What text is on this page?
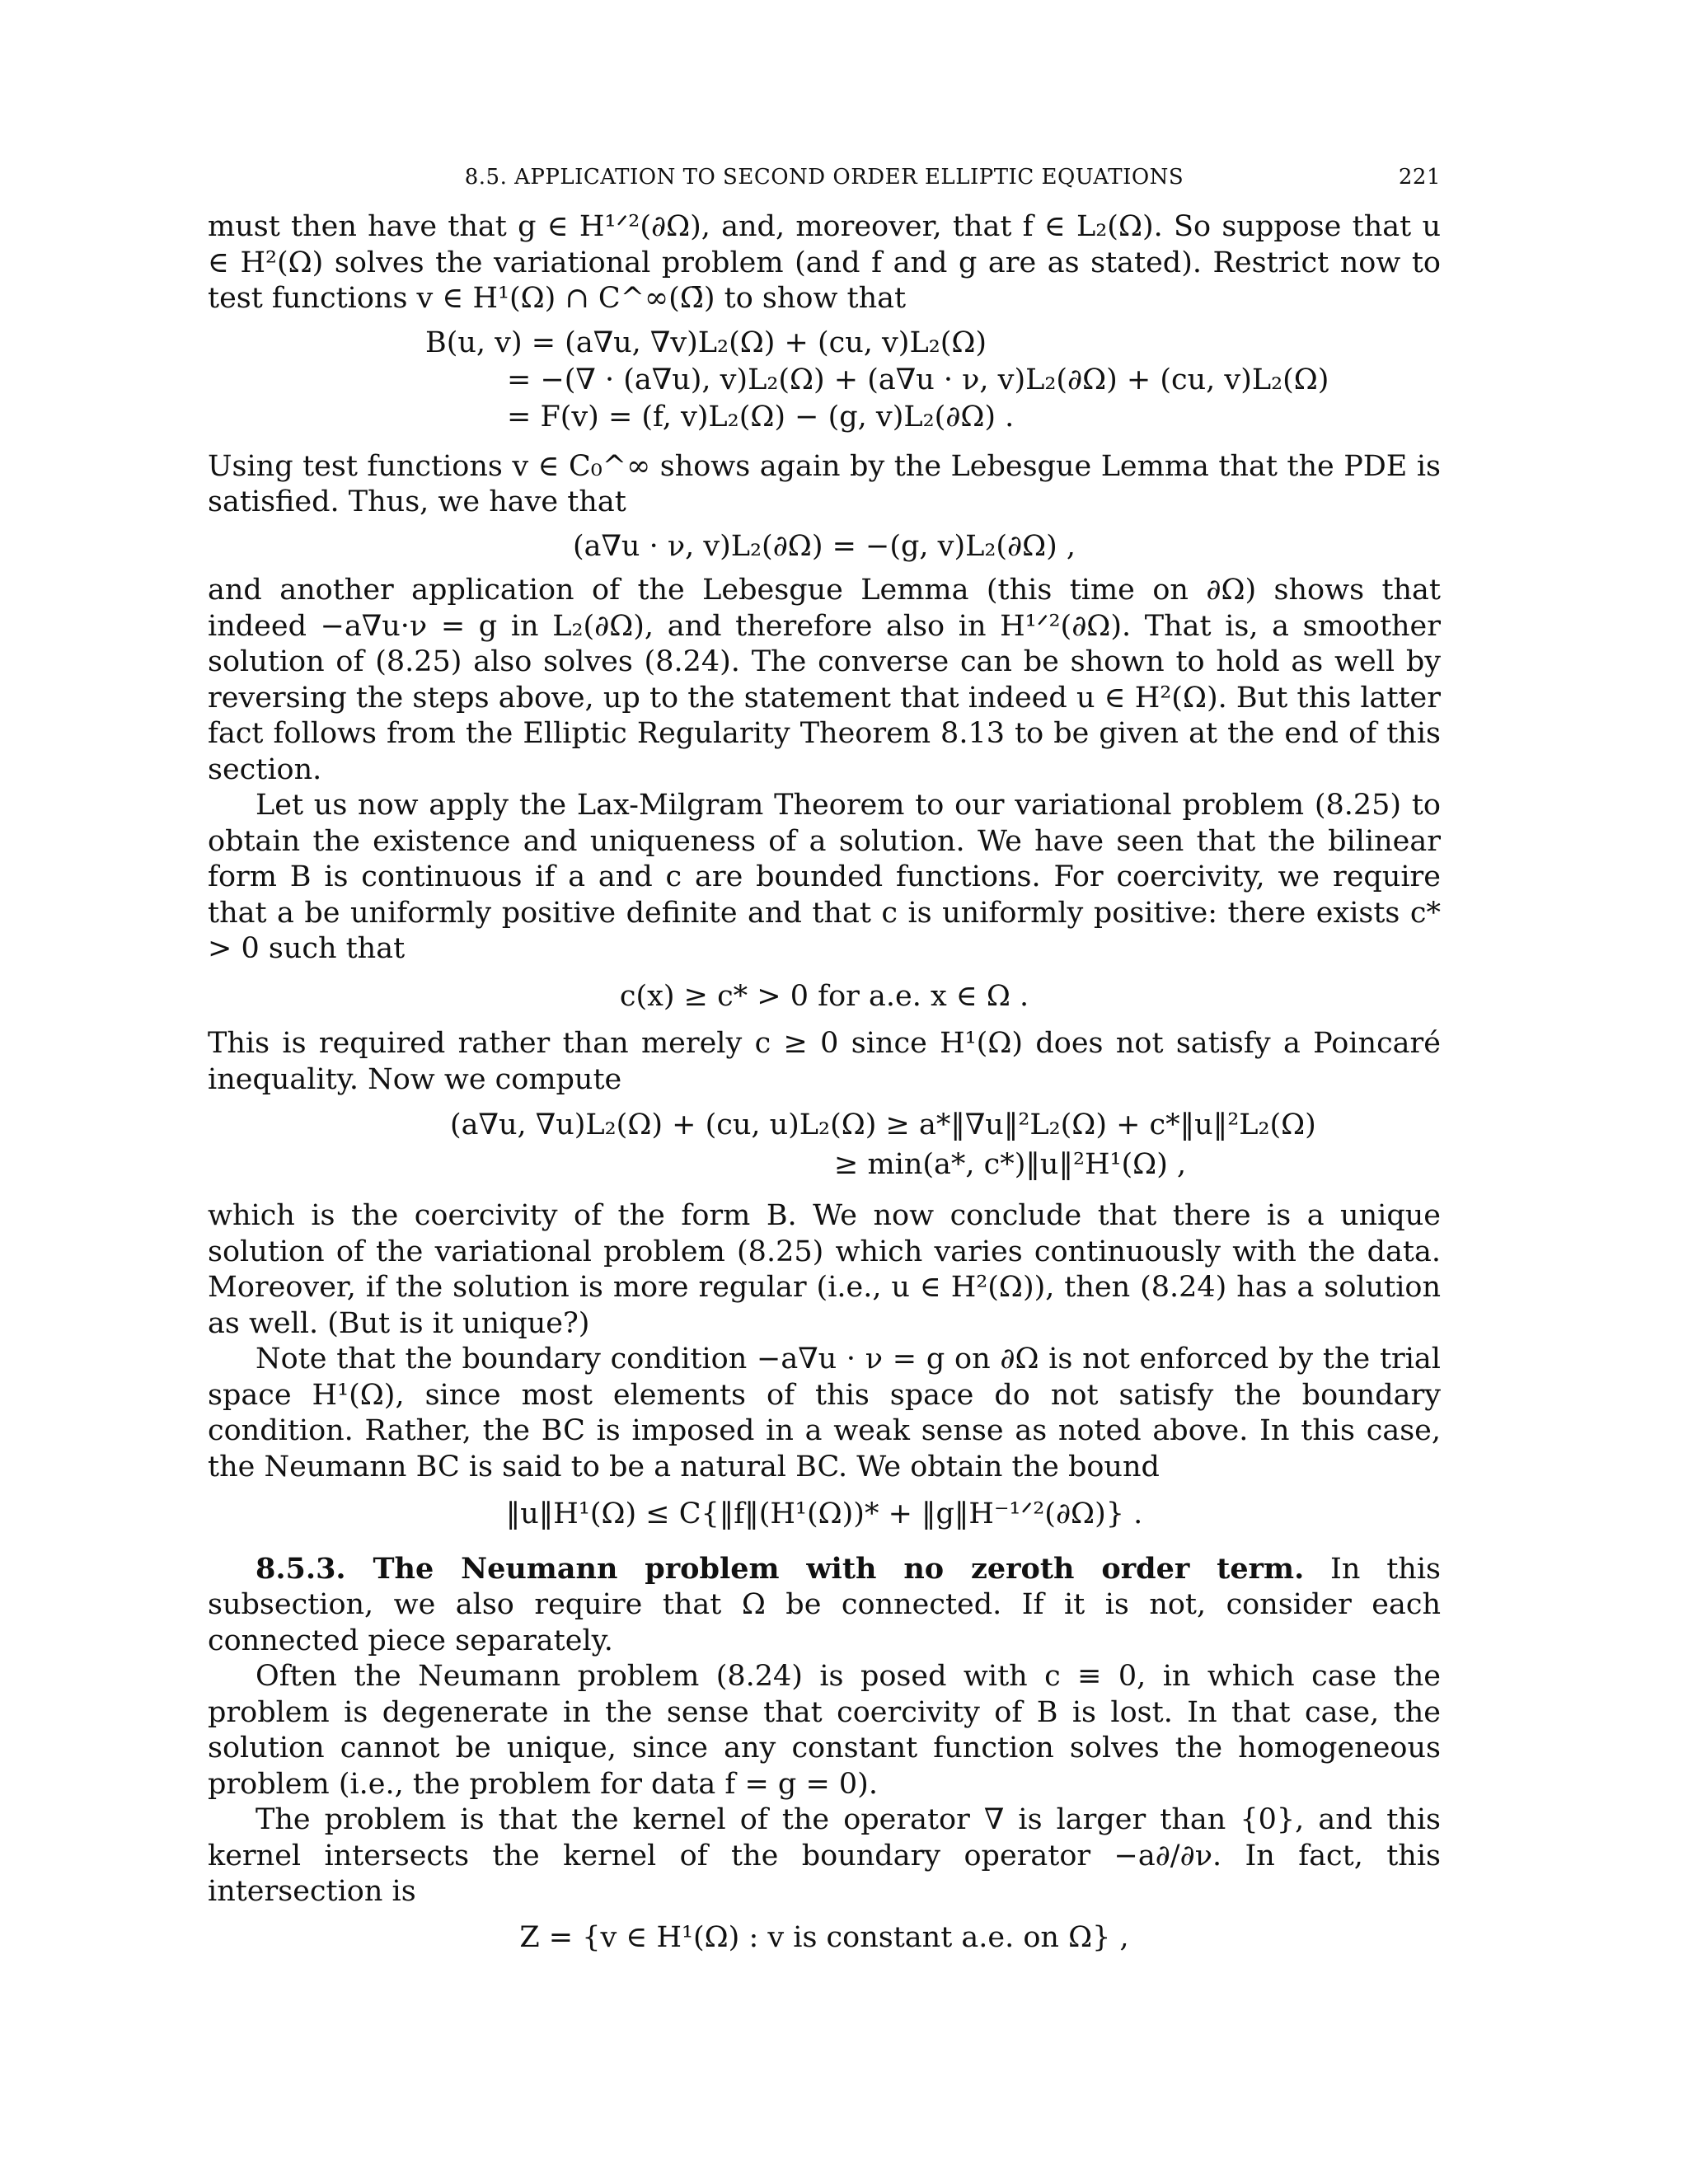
8.5. APPLICATION TO SECOND ORDER ELLIPTIC EQUATIONS	221

must then have that g ∈ H¹ᐟ²(∂Ω), and, moreover, that f ∈ L₂(Ω). So suppose that u ∈ H²(Ω) solves the variational problem (and f and g are as stated). Restrict now to test functions v ∈ H¹(Ω) ∩ C^∞(Ω̄) to show that

B(u, v) = (a∇u, ∇v)L₂(Ω) + (cu, v)L₂(Ω)
= −(∇ · (a∇u), v)L₂(Ω) + (a∇u · ν, v)L₂(∂Ω) + (cu, v)L₂(Ω)
= F(v) = (f, v)L₂(Ω) − (g, v)L₂(∂Ω) .

Using test functions v ∈ C₀^∞ shows again by the Lebesgue Lemma that the PDE is satisfied. Thus, we have that

(a∇u · ν, v)L₂(∂Ω) = −(g, v)L₂(∂Ω) ,

and another application of the Lebesgue Lemma (this time on ∂Ω) shows that indeed −a∇u·ν = g in L₂(∂Ω), and therefore also in H¹ᐟ²(∂Ω). That is, a smoother solution of (8.25) also solves (8.24). The converse can be shown to hold as well by reversing the steps above, up to the statement that indeed u ∈ H²(Ω). But this latter fact follows from the Elliptic Regularity Theorem 8.13 to be given at the end of this section.

Let us now apply the Lax-Milgram Theorem to our variational problem (8.25) to obtain the existence and uniqueness of a solution. We have seen that the bilinear form B is continuous if a and c are bounded functions. For coercivity, we require that a be uniformly positive definite and that c is uniformly positive: there exists c* > 0 such that

c(x) ≥ c* > 0 for a.e. x ∈ Ω .

This is required rather than merely c ≥ 0 since H¹(Ω) does not satisfy a Poincaré inequality. Now we compute

(a∇u, ∇u)L₂(Ω) + (cu, u)L₂(Ω) ≥ a*‖∇u‖²L₂(Ω) + c*‖u‖²L₂(Ω)
≥ min(a*, c*)‖u‖²H¹(Ω) ,

which is the coercivity of the form B. We now conclude that there is a unique solution of the variational problem (8.25) which varies continuously with the data. Moreover, if the solution is more regular (i.e., u ∈ H²(Ω)), then (8.24) has a solution as well. (But is it unique?)

Note that the boundary condition −a∇u · ν = g on ∂Ω is not enforced by the trial space H¹(Ω), since most elements of this space do not satisfy the boundary condition. Rather, the BC is imposed in a weak sense as noted above. In this case, the Neumann BC is said to be a natural BC. We obtain the bound

‖u‖H¹(Ω) ≤ C{‖f‖(H¹(Ω))* + ‖g‖H⁻¹ᐟ²(∂Ω)} .

8.5.3. The Neumann problem with no zeroth order term. In this subsection, we also require that Ω be connected. If it is not, consider each connected piece separately.

Often the Neumann problem (8.24) is posed with c ≡ 0, in which case the problem is degenerate in the sense that coercivity of B is lost. In that case, the solution cannot be unique, since any constant function solves the homogeneous problem (i.e., the problem for data f = g = 0).

The problem is that the kernel of the operator ∇ is larger than {0}, and this kernel intersects the kernel of the boundary operator −a∂/∂ν. In fact, this intersection is

Z = {v ∈ H¹(Ω) : v is constant a.e. on Ω} ,
